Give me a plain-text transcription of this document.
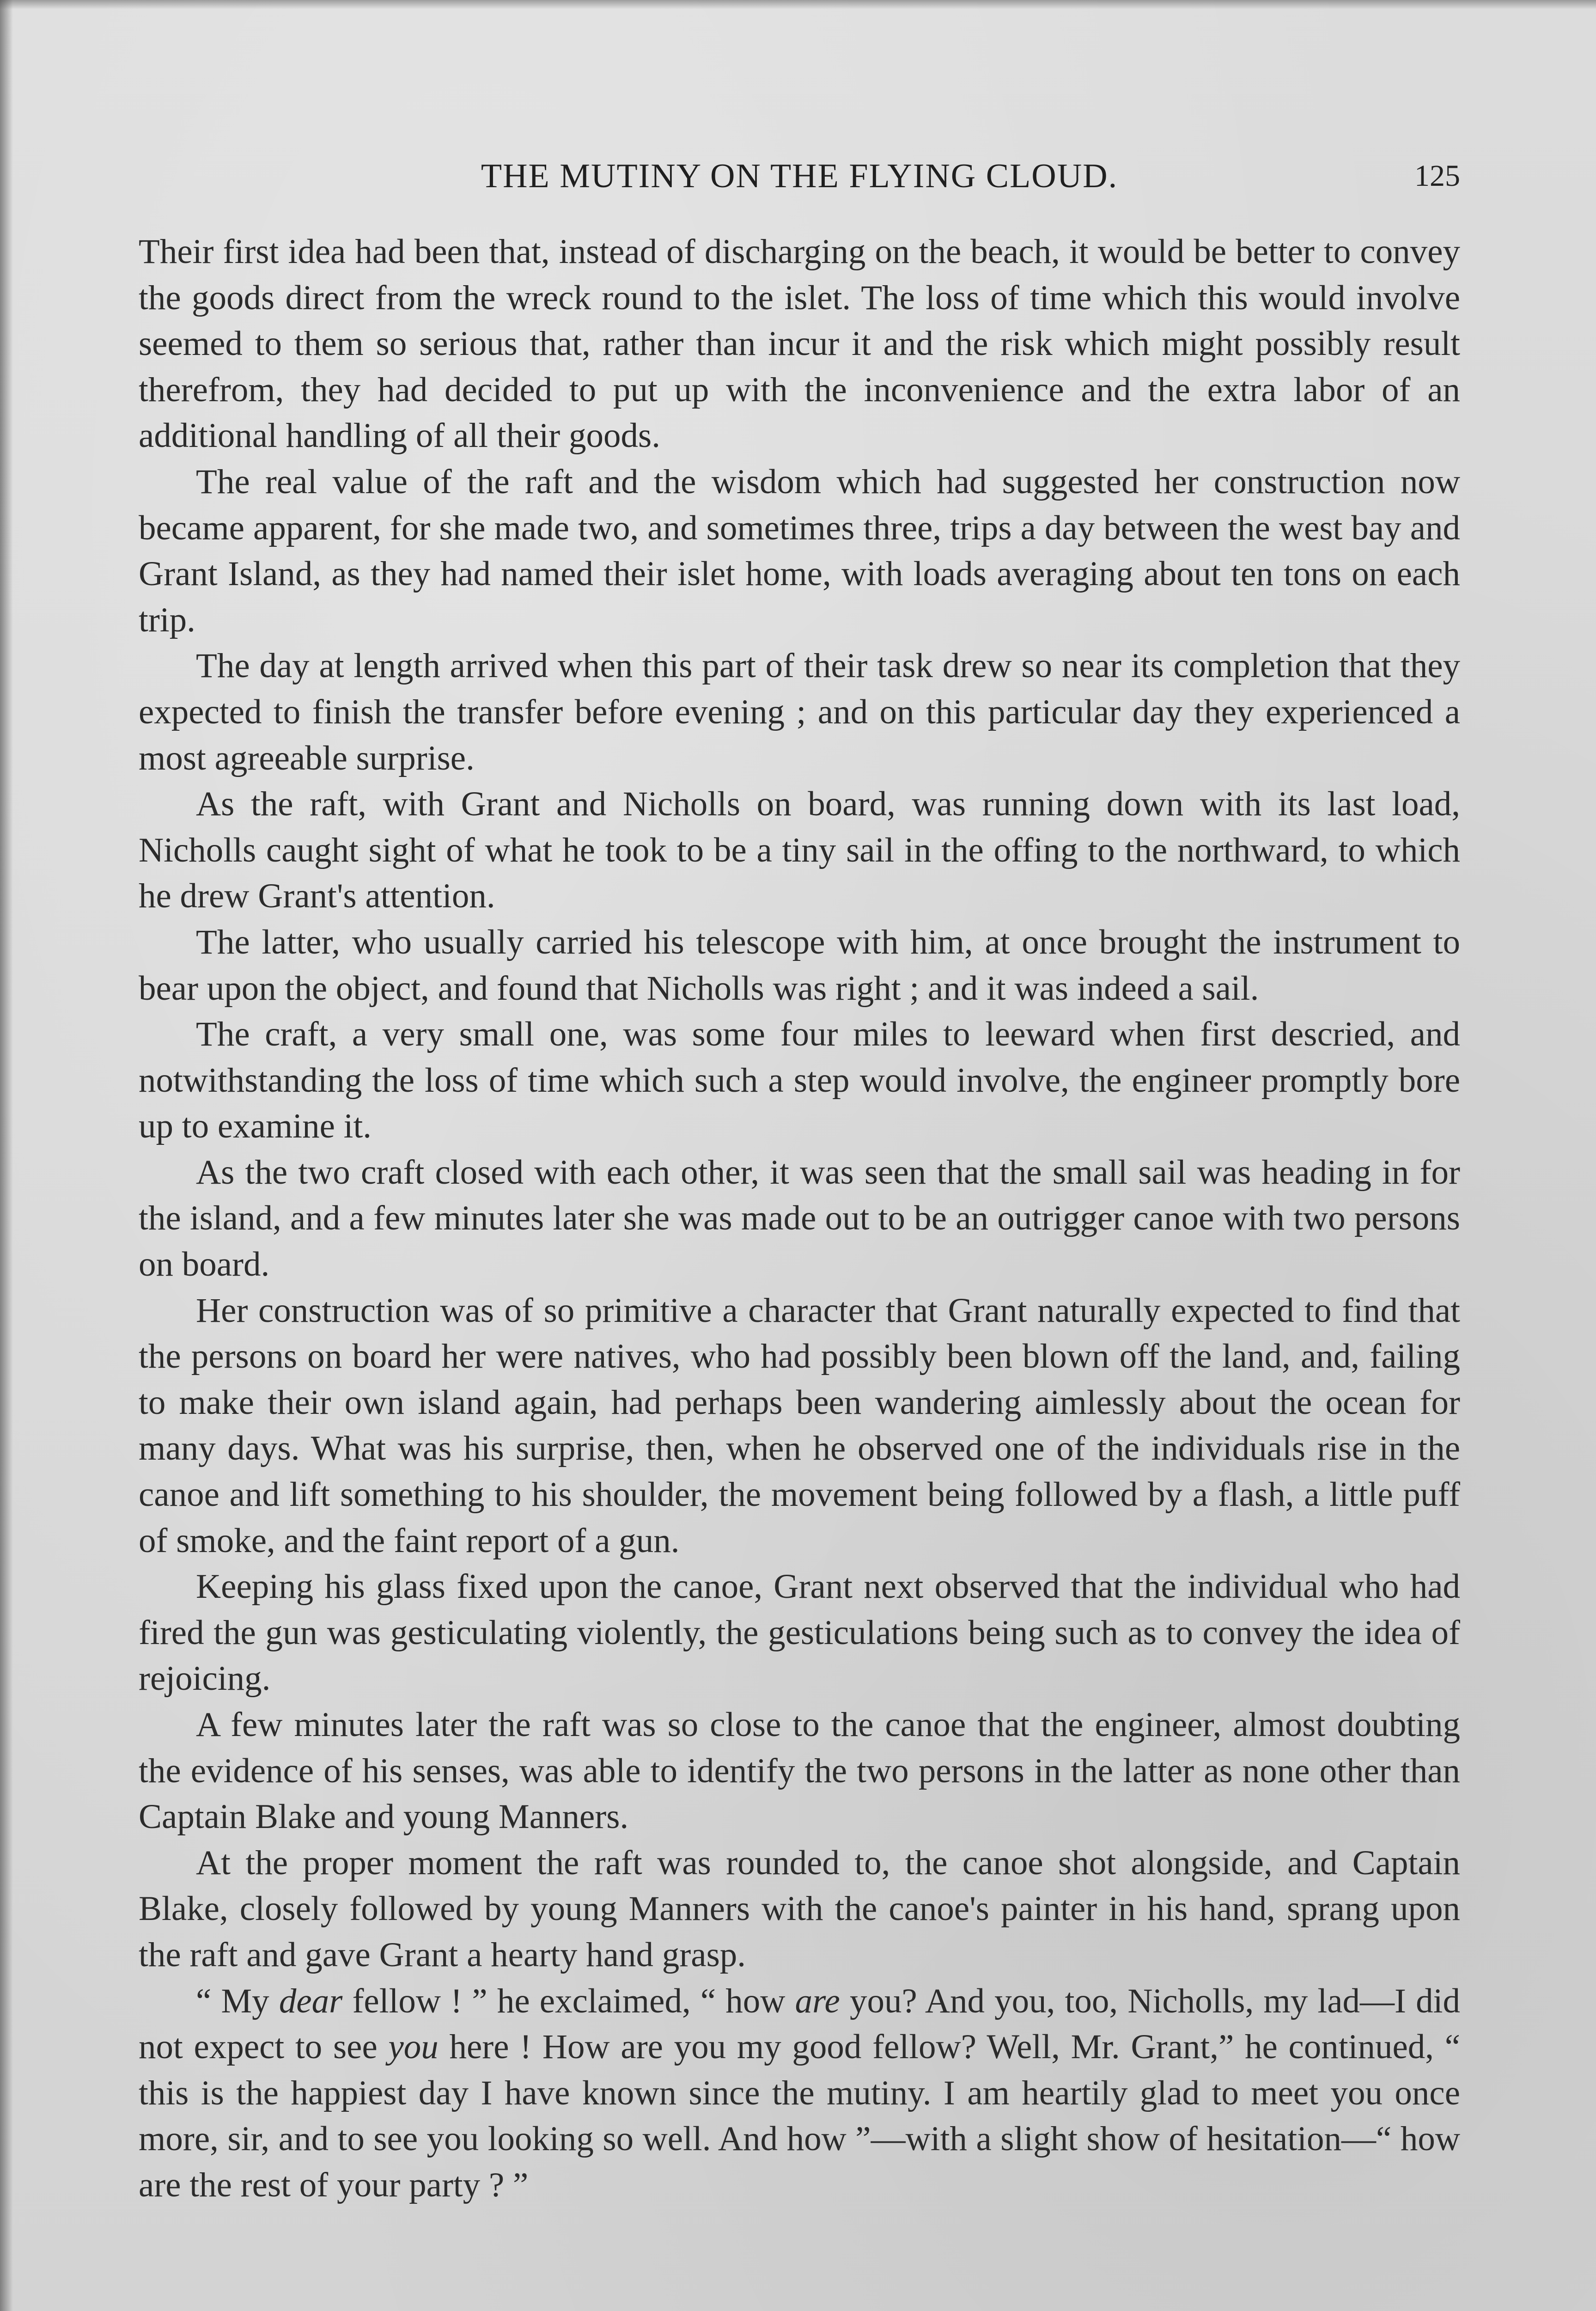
THE MUTINY ON THE FLYING CLOUD.	125

Their first idea had been that, instead of discharging on the beach, it would be better to convey the goods direct from the wreck round to the islet. The loss of time which this would involve seemed to them so serious that, rather than incur it and the risk which might possibly result therefrom, they had decided to put up with the inconvenience and the extra labor of an additional handling of all their goods.

The real value of the raft and the wisdom which had suggested her construction now became apparent, for she made two, and sometimes three, trips a day between the west bay and Grant Island, as they had named their islet home, with loads averaging about ten tons on each trip.

The day at length arrived when this part of their task drew so near its completion that they expected to finish the transfer before evening ; and on this particular day they experienced a most agreeable surprise.

As the raft, with Grant and Nicholls on board, was running down with its last load, Nicholls caught sight of what he took to be a tiny sail in the offing to the northward, to which he drew Grant's attention.

The latter, who usually carried his telescope with him, at once brought the instrument to bear upon the object, and found that Nicholls was right ; and it was indeed a sail.

The craft, a very small one, was some four miles to leeward when first descried, and notwithstanding the loss of time which such a step would involve, the engineer promptly bore up to examine it.

As the two craft closed with each other, it was seen that the small sail was heading in for the island, and a few minutes later she was made out to be an outrigger canoe with two persons on board.

Her construction was of so primitive a character that Grant naturally expected to find that the persons on board her were natives, who had possibly been blown off the land, and, failing to make their own island again, had perhaps been wandering aimlessly about the ocean for many days. What was his surprise, then, when he observed one of the individuals rise in the canoe and lift something to his shoulder, the movement being followed by a flash, a little puff of smoke, and the faint report of a gun.

Keeping his glass fixed upon the canoe, Grant next observed that the individual who had fired the gun was gesticulating violently, the gesticulations being such as to convey the idea of rejoicing.

A few minutes later the raft was so close to the canoe that the engineer, almost doubting the evidence of his senses, was able to identify the two persons in the latter as none other than Captain Blake and young Manners.

At the proper moment the raft was rounded to, the canoe shot alongside, and Captain Blake, closely followed by young Manners with the canoe's painter in his hand, sprang upon the raft and gave Grant a hearty hand grasp.

“ My dear fellow ! ” he exclaimed, “ how are you? And you, too, Nicholls, my lad—I did not expect to see you here ! How are you my good fellow? Well, Mr. Grant,” he continued, “ this is the happiest day I have known since the mutiny. I am heartily glad to meet you once more, sir, and to see you looking so well. And how ”—with a slight show of hesitation—“ how are the rest of your party ? ”
